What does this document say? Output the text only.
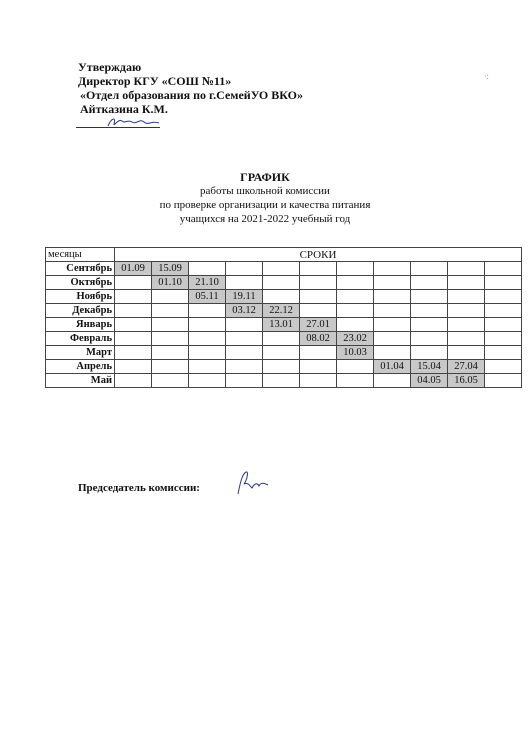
Утверждаю
Директор КГУ «СОШ №11»
«Отдел образования по г.СемейУО ВКО»
Айтказина К.М.
·:
ГРАФИК
работы школьной комиссии
по проверке организации и качества питания
учащихся на 2021-2022 учебный год
месяцы	СРОКИ										
Сентябрь	01.09	15.09									
Октябрь		01.10	21.10								
Ноябрь			05.11	19.11							
Декабрь				03.12	22.12						
Январь					13.01	27.01					
Февраль						08.02	23.02				
Март							10.03				
Апрель								01.04	15.04	27.04	
Май									04.05	16.05	
Председатель комиссии:
